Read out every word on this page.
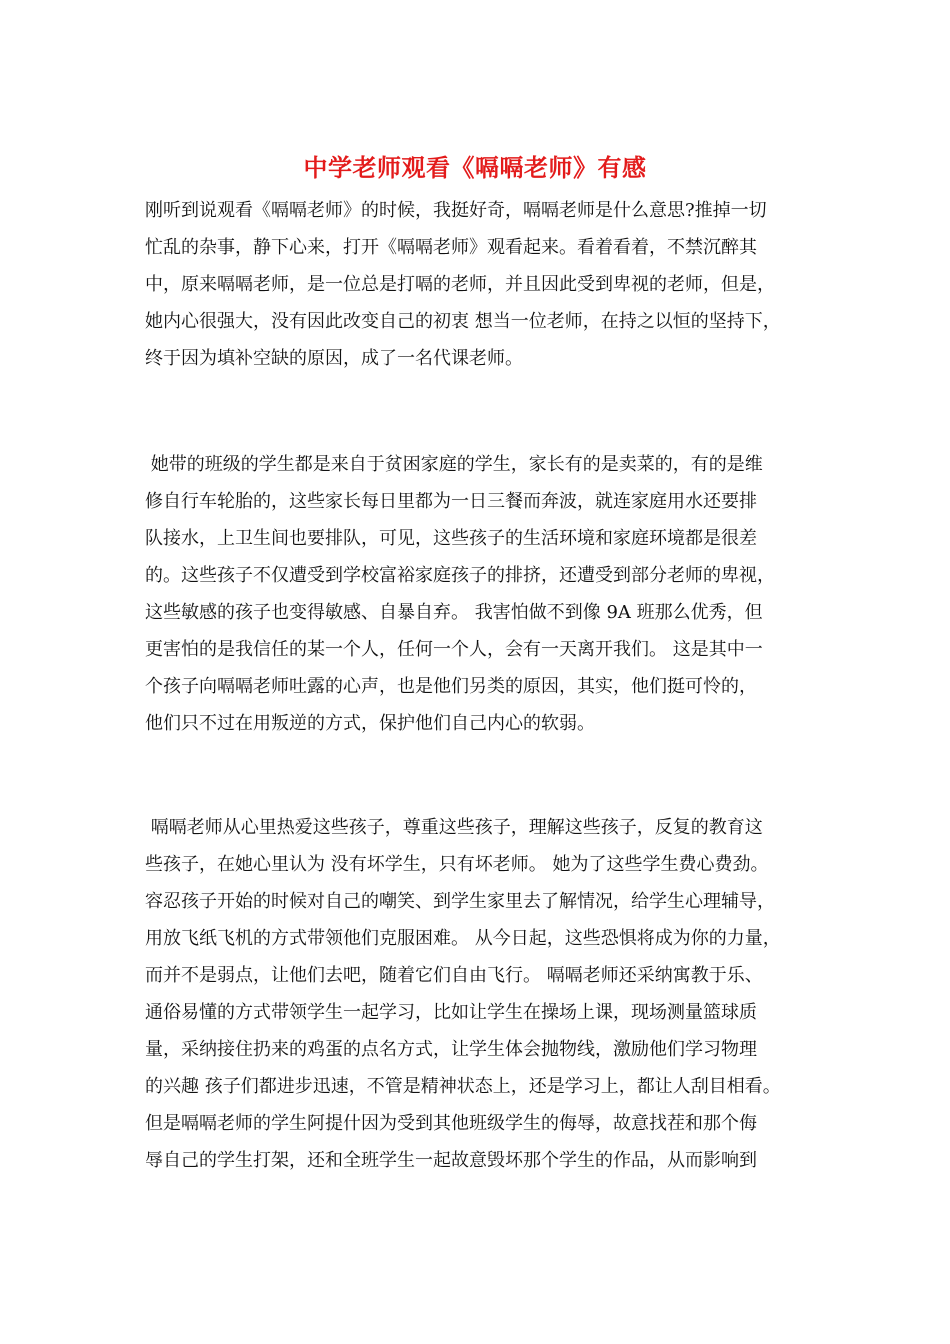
中学老师观看《嗝嗝老师》有感
刚听到说观看《嗝嗝老师》的时候，我挺好奇，嗝嗝老师是什么意思?推掉一切
忙乱的杂事，静下心来，打开《嗝嗝老师》观看起来。看着看着，不禁沉醉其
中，原来嗝嗝老师，是一位总是打嗝的老师，并且因此受到卑视的老师，但是，
她内心很强大，没有因此改变自己的初衷 想当一位老师，在持之以恒的坚持下，
终于因为填补空缺的原因，成了一名代课老师。
她带的班级的学生都是来自于贫困家庭的学生，家长有的是卖菜的，有的是维
修自行车轮胎的，这些家长每日里都为一日三餐而奔波，就连家庭用水还要排
队接水，上卫生间也要排队，可见，这些孩子的生活环境和家庭环境都是很差
的。这些孩子不仅遭受到学校富裕家庭孩子的排挤，还遭受到部分老师的卑视，
这些敏感的孩子也变得敏感、自暴自弃。 我害怕做不到像 9A 班那么优秀，但
更害怕的是我信任的某一个人，任何一个人，会有一天离开我们。 这是其中一
个孩子向嗝嗝老师吐露的心声，也是他们另类的原因，其实，他们挺可怜的，
他们只不过在用叛逆的方式，保护他们自己内心的软弱。
嗝嗝老师从心里热爱这些孩子，尊重这些孩子，理解这些孩子，反复的教育这
些孩子，在她心里认为 没有坏学生，只有坏老师。 她为了这些学生费心费劲。
容忍孩子开始的时候对自己的嘲笑、到学生家里去了解情况，给学生心理辅导，
用放飞纸飞机的方式带领他们克服困难。 从今日起，这些恐惧将成为你的力量，
而并不是弱点，让他们去吧，随着它们自由飞行。 嗝嗝老师还采纳寓教于乐、
通俗易懂的方式带领学生一起学习，比如让学生在操场上课，现场测量篮球质
量，采纳接住扔来的鸡蛋的点名方式，让学生体会抛物线，激励他们学习物理
的兴趣 孩子们都进步迅速，不管是精神状态上，还是学习上，都让人刮目相看。
但是嗝嗝老师的学生阿提什因为受到其他班级学生的侮辱，故意找茬和那个侮
辱自己的学生打架，还和全班学生一起故意毁坏那个学生的作品，从而影响到
